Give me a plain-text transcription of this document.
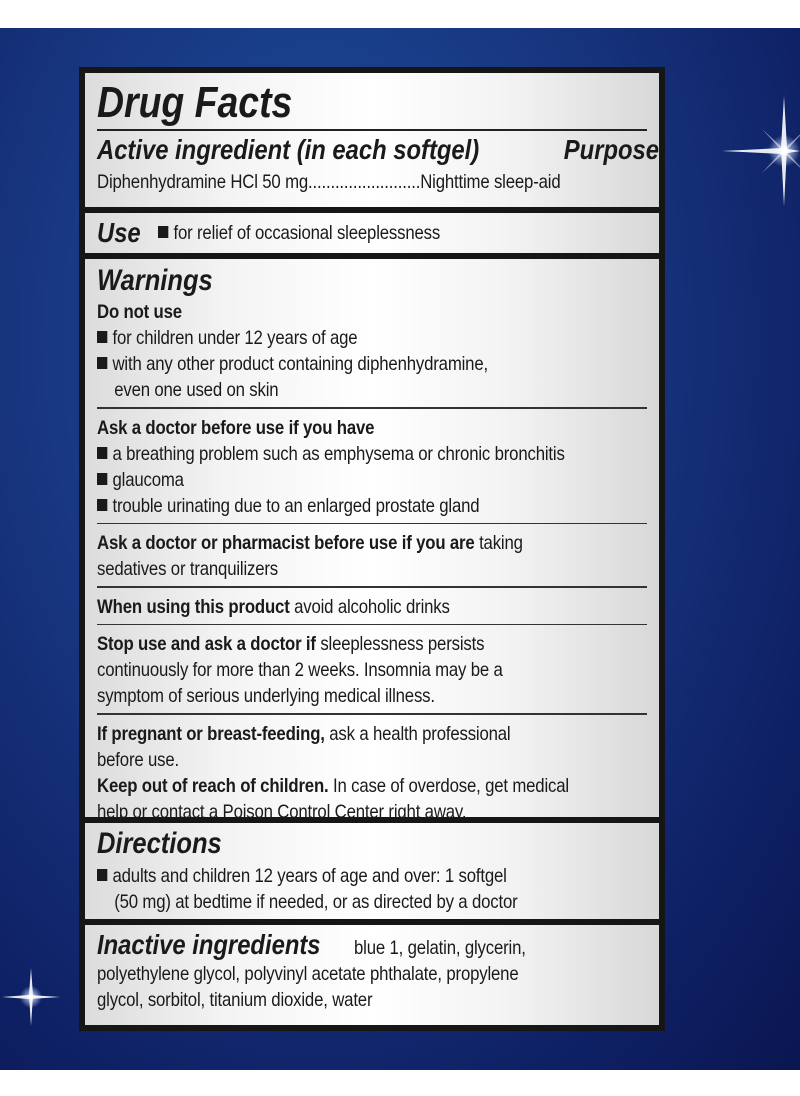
Drug Facts
Active ingredient (in each softgel)	Purpose
Diphenhydramine HCl 50 mg.........................Nighttime sleep-aid
Use	for relief of occasional sleeplessness
Warnings
Do not use
for children under 12 years of age
with any other product containing diphenhydramine,
even one used on skin
Ask a doctor before use if you have
a breathing problem such as emphysema or chronic bronchitis
glaucoma
trouble urinating due to an enlarged prostate gland
Ask a doctor or pharmacist before use if you are taking
sedatives or tranquilizers
When using this product avoid alcoholic drinks
Stop use and ask a doctor if sleeplessness persists
continuously for more than 2 weeks. Insomnia may be a
symptom of serious underlying medical illness.
If pregnant or breast-feeding, ask a health professional
before use.
Keep out of reach of children. In case of overdose, get medical
help or contact a Poison Control Center right away.
Directions
adults and children 12 years of age and over: 1 softgel
(50 mg) at bedtime if needed, or as directed by a doctor
Inactive ingredients blue 1, gelatin, glycerin,
polyethylene glycol, polyvinyl acetate phthalate, propylene
glycol, sorbitol, titanium dioxide, water
